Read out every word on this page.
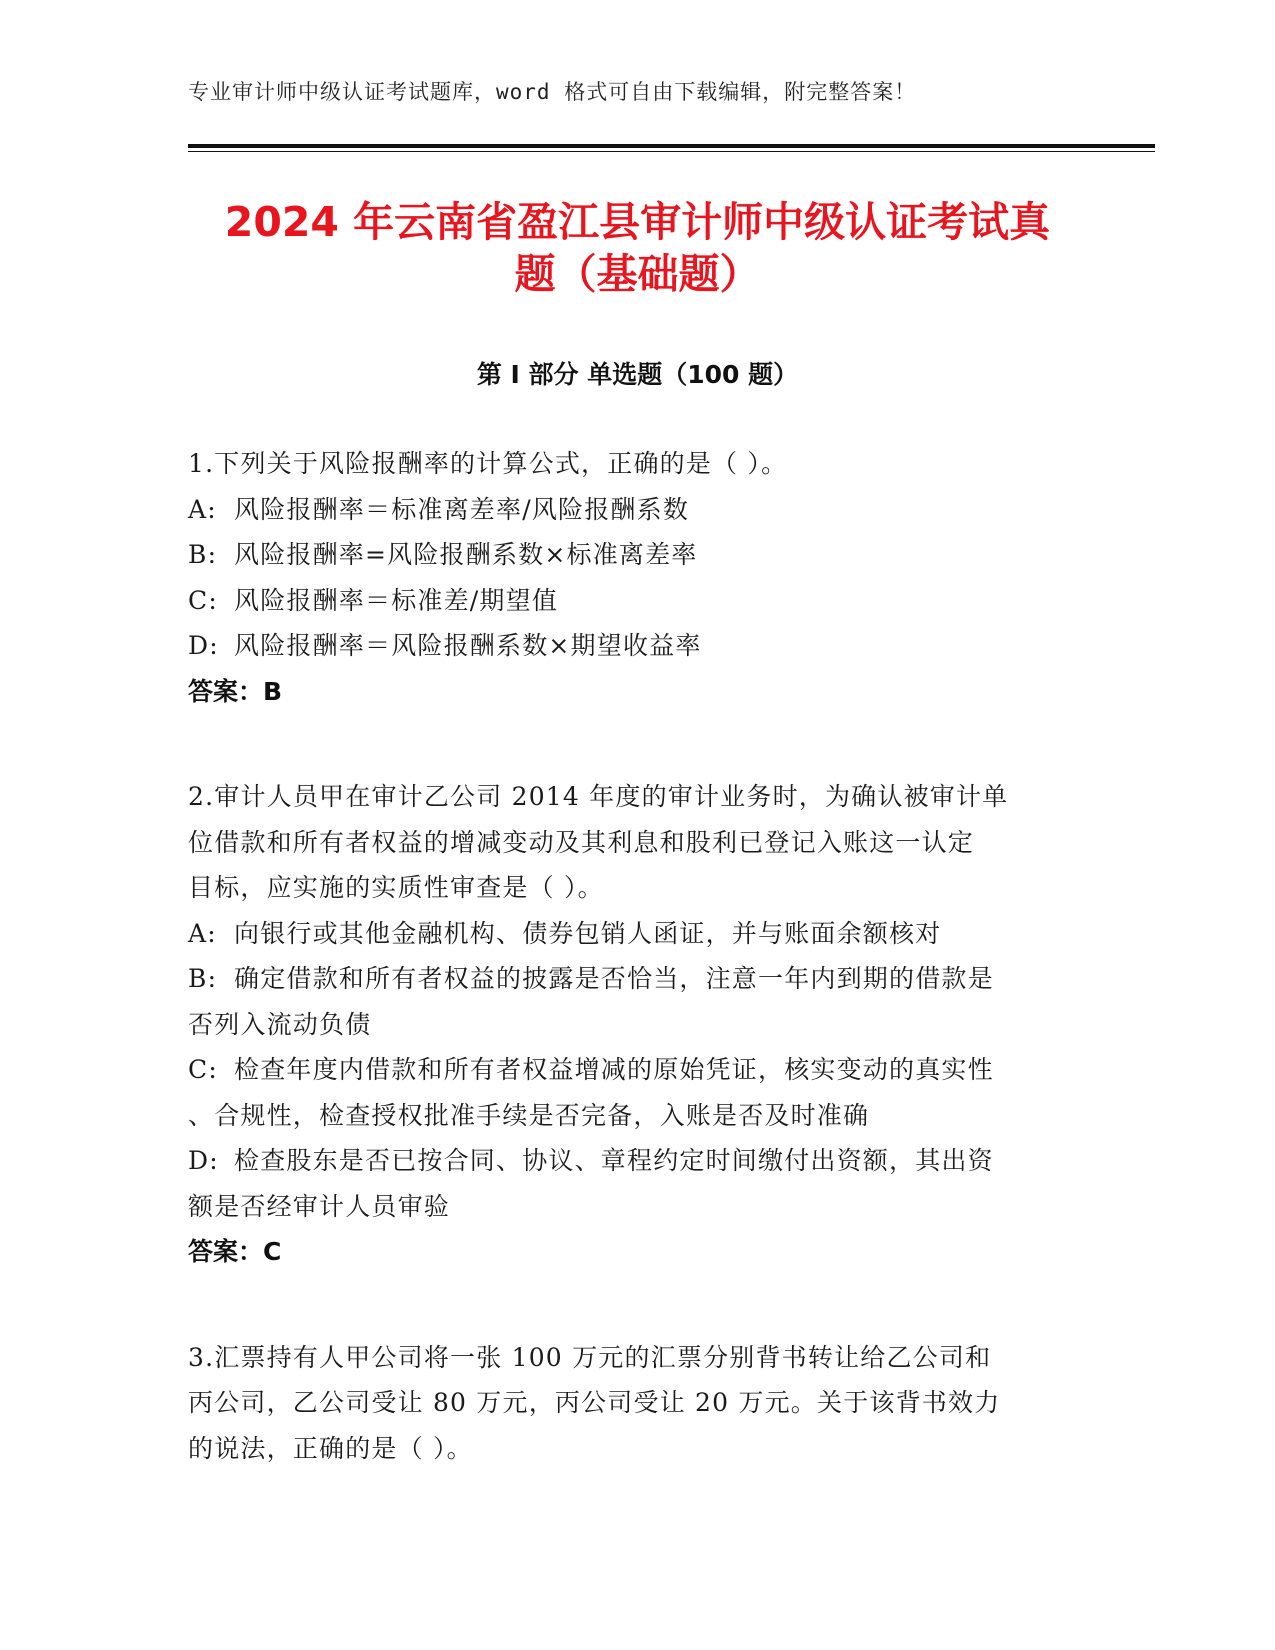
专业审计师中级认证考试题库，word 格式可自由下载编辑，附完整答案！
2024 年云南省盈江县审计师中级认证考试真
题（基础题）
第 I 部分 单选题（100 题）
1.下列关于风险报酬率的计算公式，正确的是（ ）。
A: 风险报酬率＝标准离差率/风险报酬系数
B: 风险报酬率=风险报酬系数×标准离差率
C: 风险报酬率＝标准差/期望值
D: 风险报酬率＝风险报酬系数×期望收益率
答案：B
2.审计人员甲在审计乙公司 2014 年度的审计业务时，为确认被审计单
位借款和所有者权益的增减变动及其利息和股利已登记入账这一认定
目标，应实施的实质性审查是（ ）。
A: 向银行或其他金融机构、债券包销人函证，并与账面余额核对
B: 确定借款和所有者权益的披露是否恰当，注意一年内到期的借款是
否列入流动负债
C: 检查年度内借款和所有者权益增减的原始凭证，核实变动的真实性
、合规性，检查授权批准手续是否完备，入账是否及时准确
D: 检查股东是否已按合同、协议、章程约定时间缴付出资额，其出资
额是否经审计人员审验
答案：C
3.汇票持有人甲公司将一张 100 万元的汇票分别背书转让给乙公司和
丙公司，乙公司受让 80 万元，丙公司受让 20 万元。关于该背书效力
的说法，正确的是（ ）。
